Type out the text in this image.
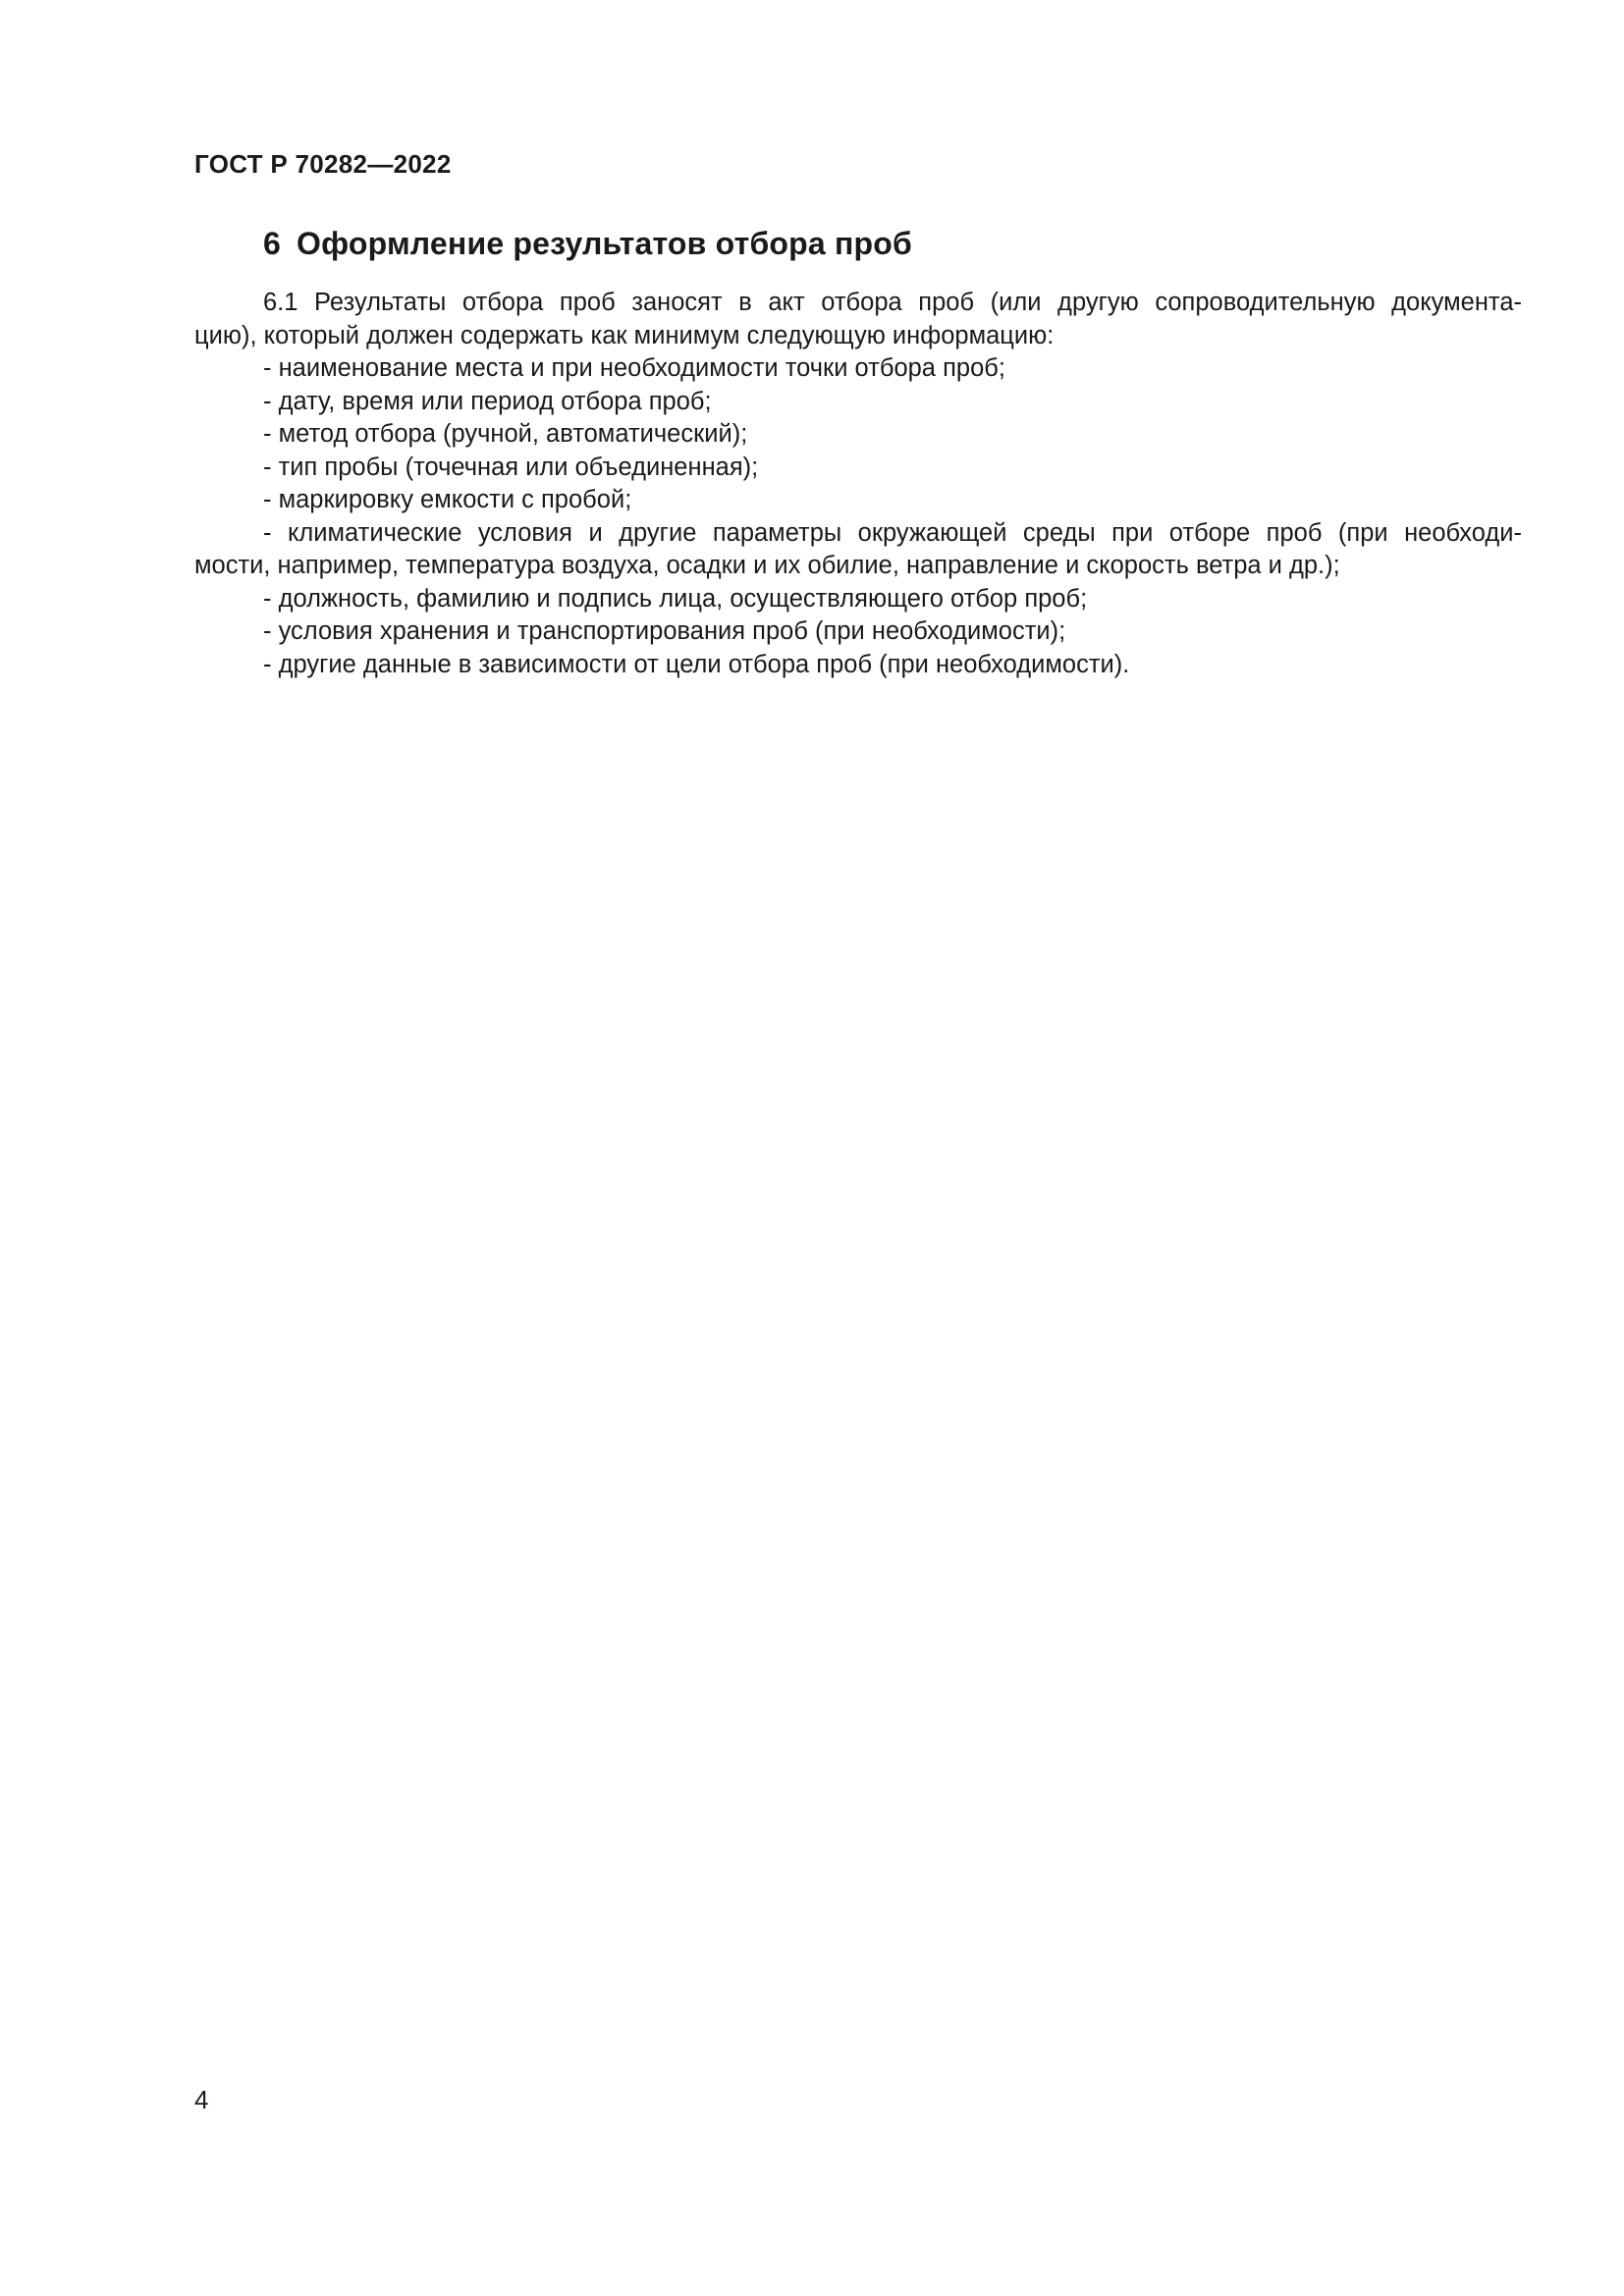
ГОСТ Р 70282—2022
6 Оформление результатов отбора проб
6.1 Результаты отбора проб заносят в акт отбора проб (или другую сопроводительную документа-
цию), который должен содержать как минимум следующую информацию:
- наименование места и при необходимости точки отбора проб;
- дату, время или период отбора проб;
- метод отбора (ручной, автоматический);
- тип пробы (точечная или объединенная);
- маркировку емкости с пробой;
- климатические условия и другие параметры окружающей среды при отборе проб (при необходи-
мости, например, температура воздуха, осадки и их обилие, направление и скорость ветра и др.);
- должность, фамилию и подпись лица, осуществляющего отбор проб;
- условия хранения и транспортирования проб (при необходимости);
- другие данные в зависимости от цели отбора проб (при необходимости).
4
